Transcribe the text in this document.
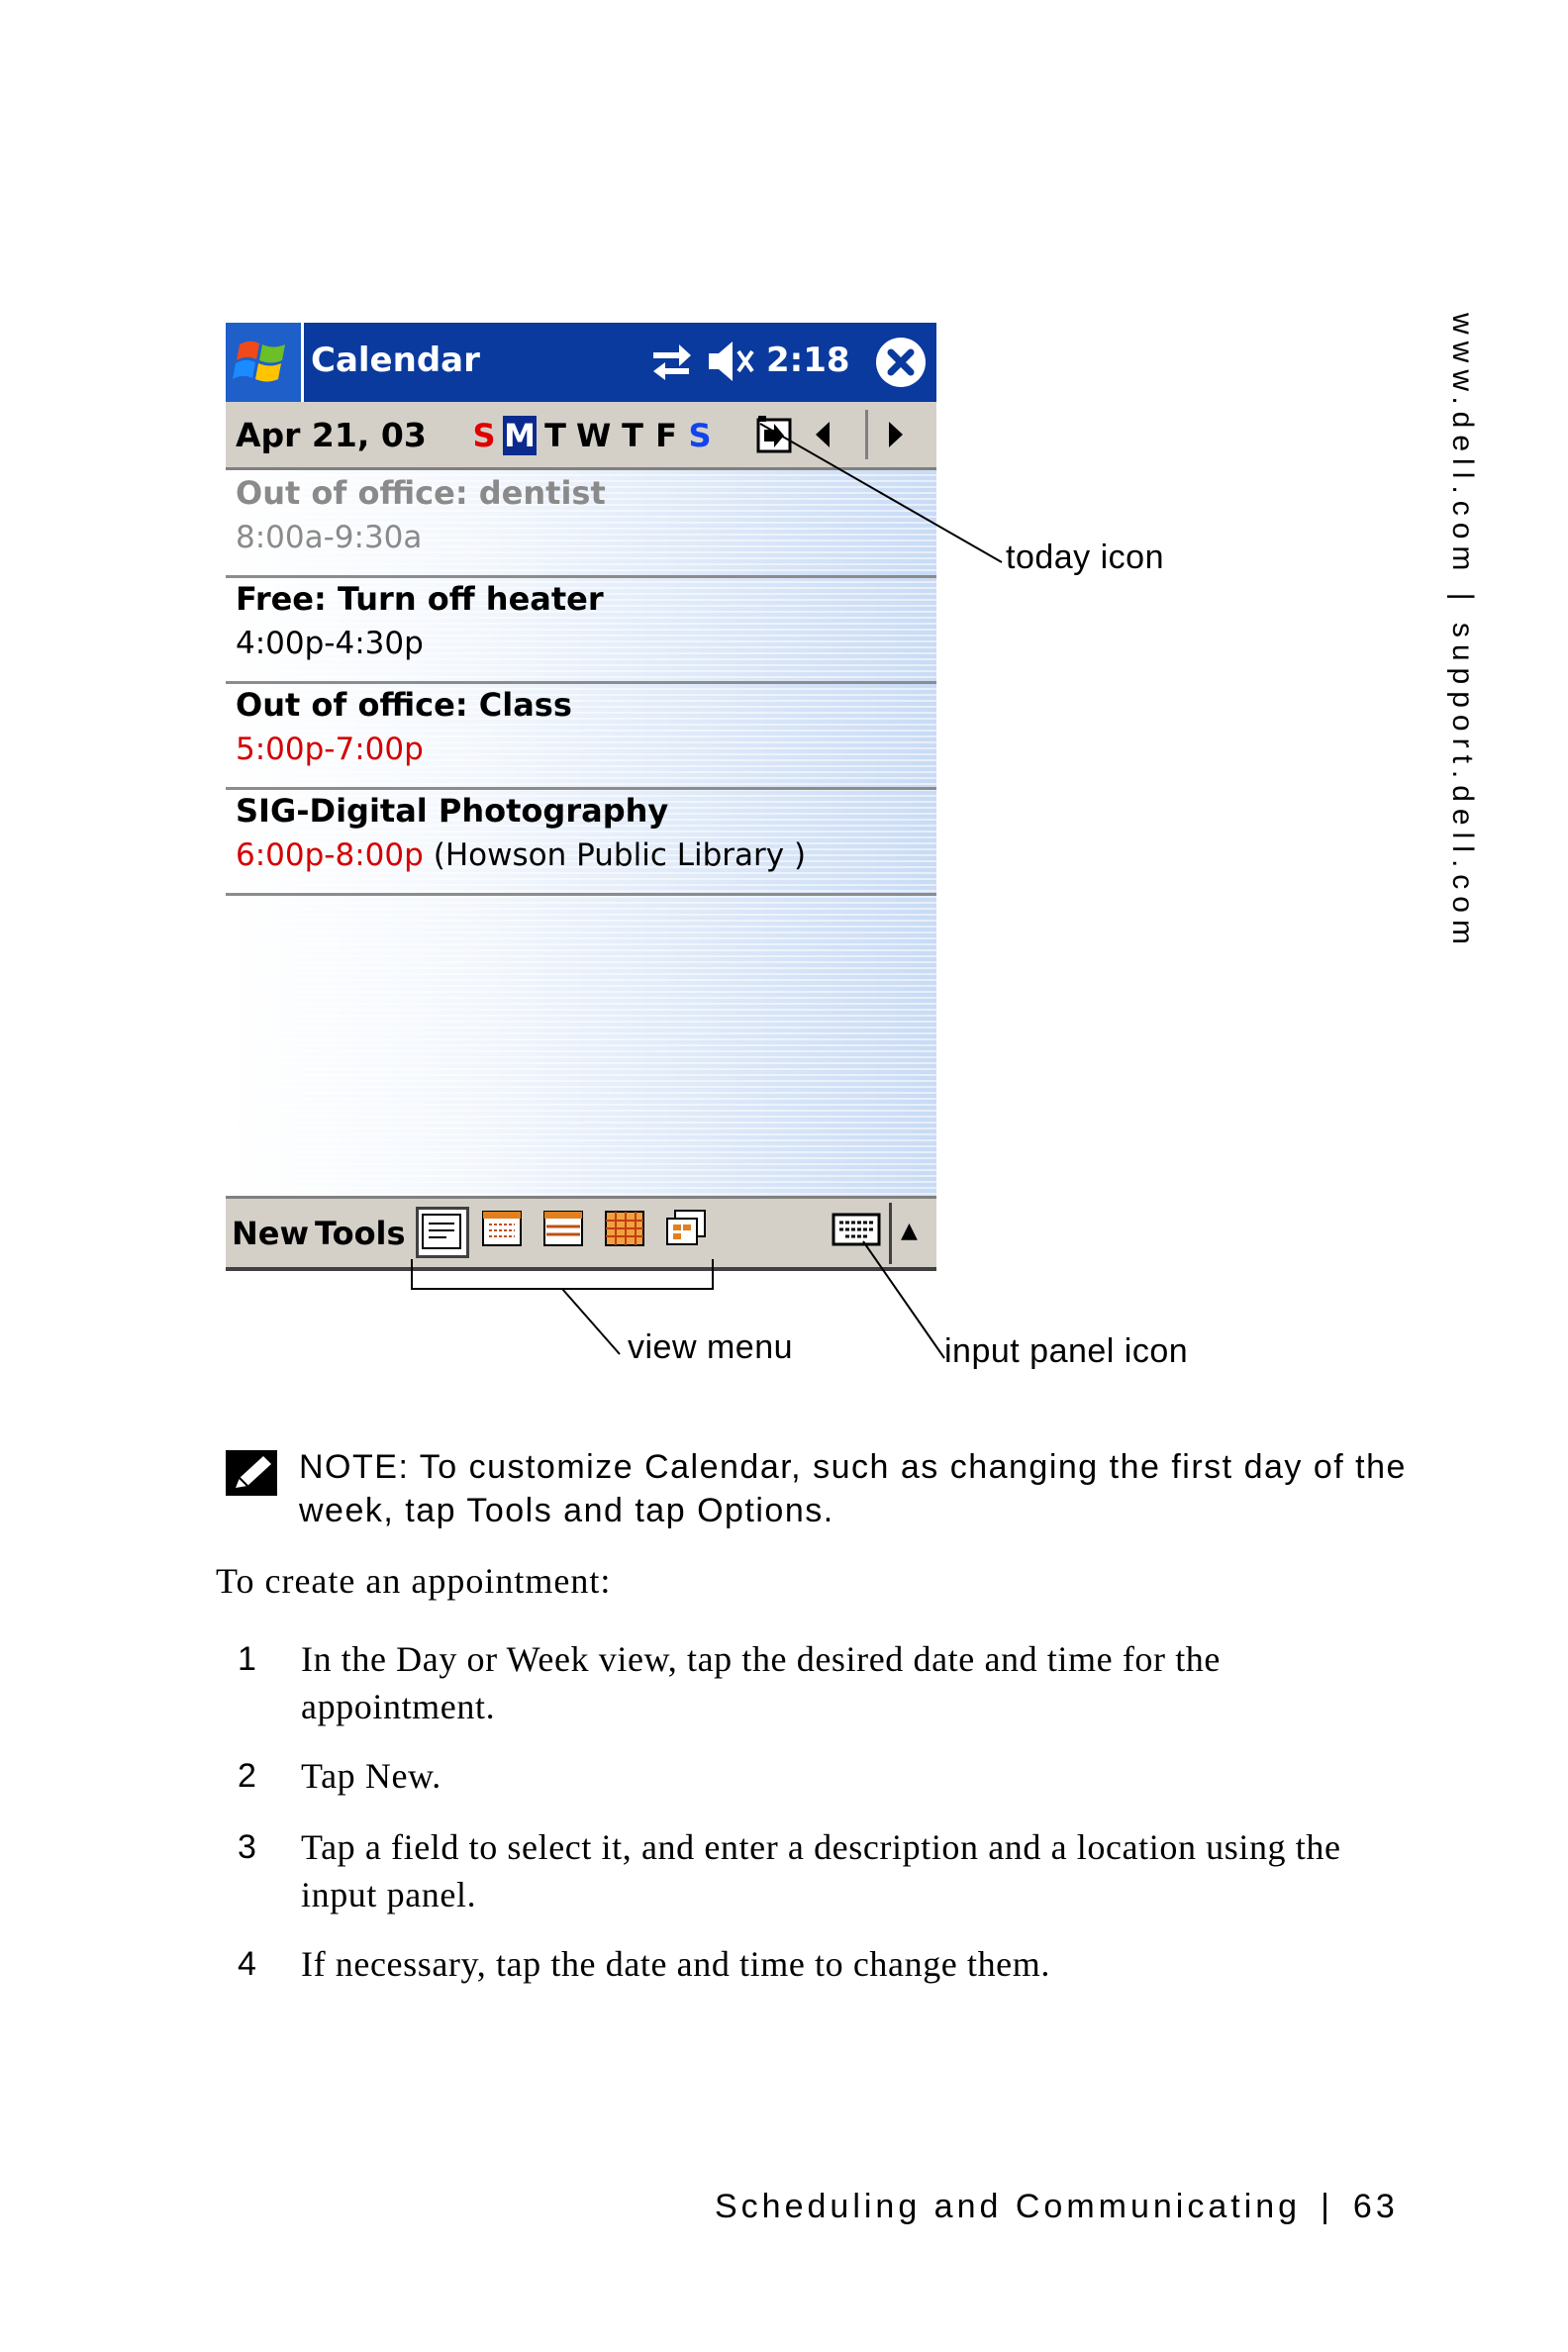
www.dell.com | support.dell.com
Calendar	2:18
Apr 21, 03 S M T W T F S
Out of office: dentist
8:00a-9:30a
Free: Turn off heater
4:00p-4:30p
Out of office: Class
5:00p-7:00p
SIG-Digital Photography
6:00p-8:00p (Howson Public Library )
New Tools	▲
today icon
view menu	input panel icon
NOTE: To customize Calendar, such as changing the first day of the week, tap Tools and tap Options.
To create an appointment:
1 In the Day or Week view, tap the desired date and time for the appointment.
2 Tap New.
3 Tap a field to select it, and enter a description and a location using the input panel.
4 If necessary, tap the date and time to change them.
Scheduling and Communicating | 63
